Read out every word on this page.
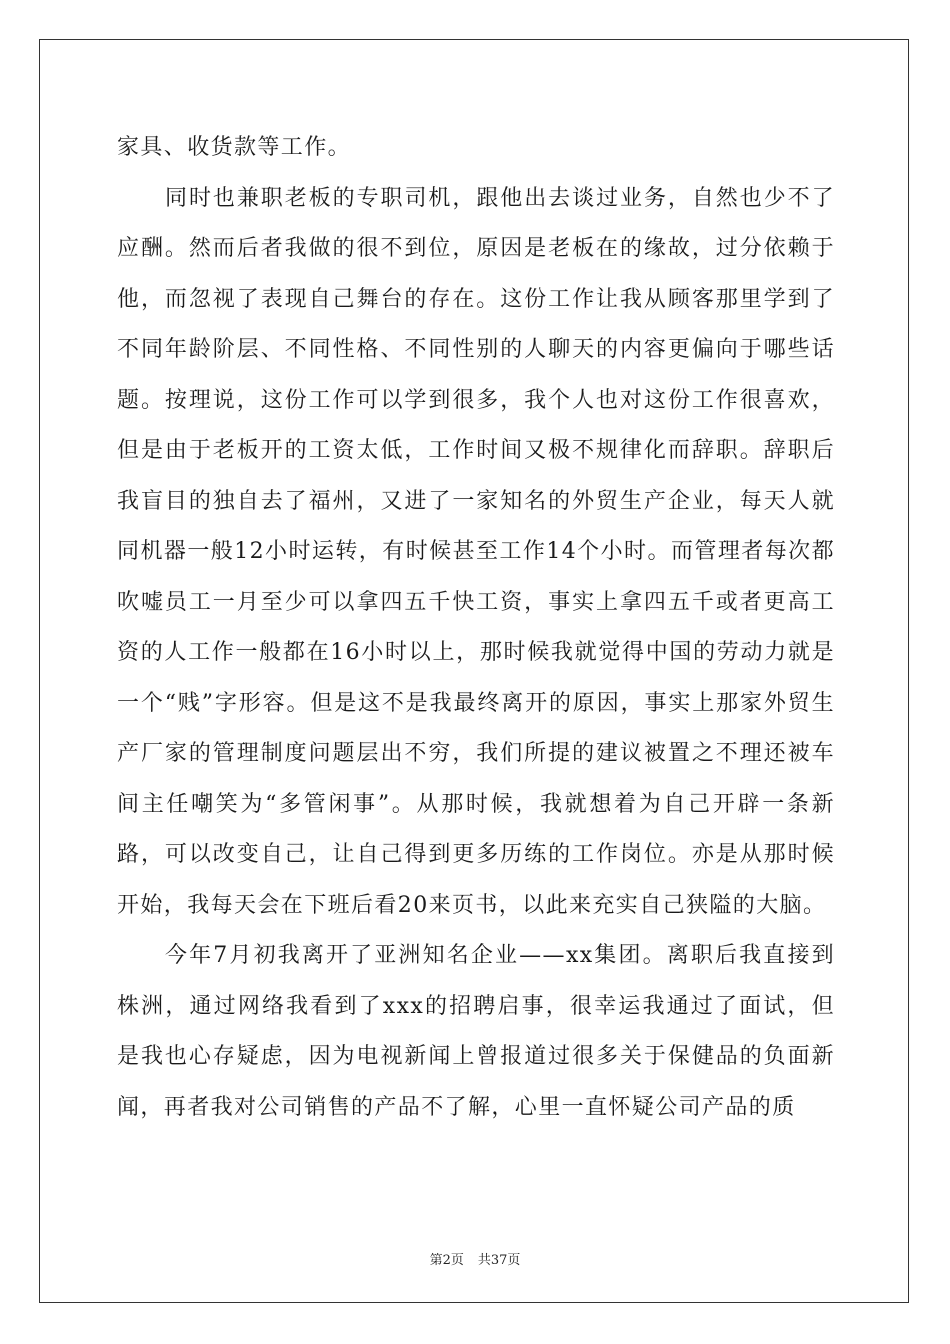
家具、收货款等工作。

同时也兼职老板的专职司机，跟他出去谈过业务，自然也少不了应酬。然而后者我做的很不到位，原因是老板在的缘故，过分依赖于他，而忽视了表现自己舞台的存在。这份工作让我从顾客那里学到了不同年龄阶层、不同性格、不同性别的人聊天的内容更偏向于哪些话题。按理说，这份工作可以学到很多，我个人也对这份工作很喜欢，但是由于老板开的工资太低，工作时间又极不规律化而辞职。辞职后我盲目的独自去了福州，又进了一家知名的外贸生产企业，每天人就同机器一般12小时运转，有时候甚至工作14个小时。而管理者每次都吹嘘员工一月至少可以拿四五千快工资，事实上拿四五千或者更高工资的人工作一般都在16小时以上，那时候我就觉得中国的劳动力就是一个“贱”字形容。但是这不是我最终离开的原因，事实上那家外贸生产厂家的管理制度问题层出不穷，我们所提的建议被置之不理还被车间主任嘲笑为“多管闲事”。从那时候，我就想着为自己开辟一条新路，可以改变自己，让自己得到更多历练的工作岗位。亦是从那时候开始，我每天会在下班后看20来页书，以此来充实自己狭隘的大脑。

今年7月初我离开了亚洲知名企业——xx集团。离职后我直接到株洲，通过网络我看到了xxx的招聘启事，很幸运我通过了面试，但是我也心存疑虑，因为电视新闻上曾报道过很多关于保健品的负面新闻，再者我对公司销售的产品不了解，心里一直怀疑公司产品的质

第2页 共37页
